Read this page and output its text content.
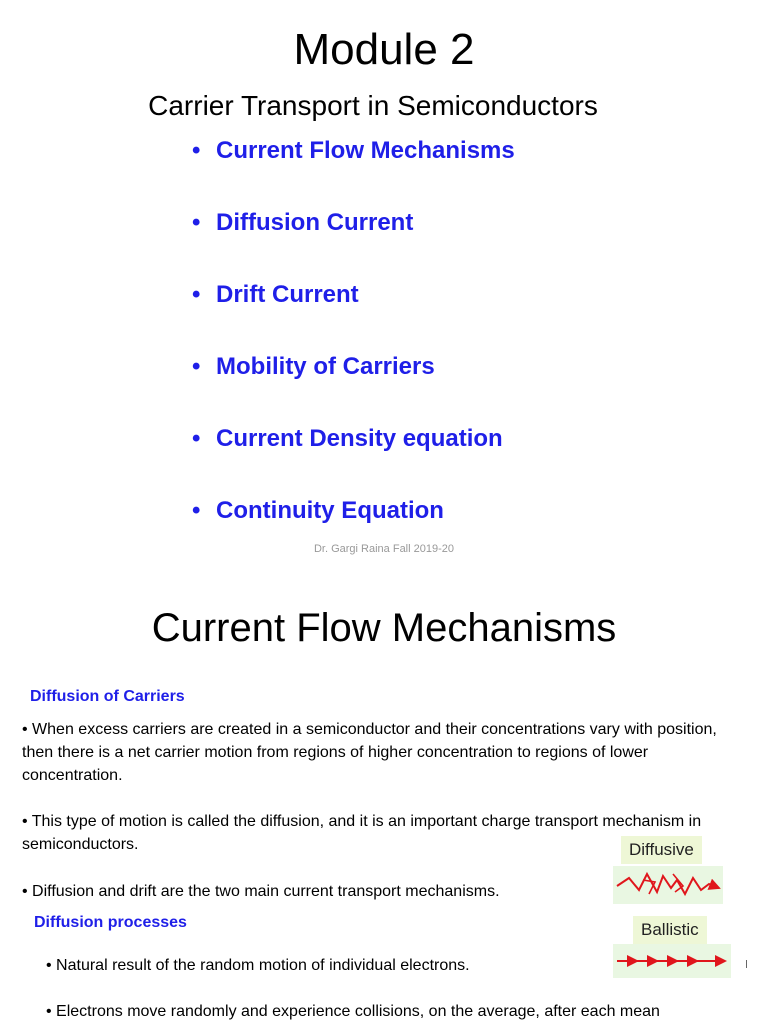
Module 2
Carrier Transport in Semiconductors
• Current Flow Mechanisms
• Diffusion Current
• Drift Current
• Mobility of Carriers
• Current Density equation
• Continuity Equation
Dr. Gargi Raina Fall 2019-20
Current Flow Mechanisms
Diffusion of Carriers
• When excess carriers are created in a semiconductor and their concentrations vary with position, then there is a net carrier motion from regions of higher concentration to regions of lower concentration.
• This type of motion is called the diffusion, and it is an important charge transport mechanism in semiconductors.
• Diffusion and drift are the two main current transport mechanisms.
Diffusion processes
• Natural result of the random motion of individual electrons.
• Electrons move randomly and experience collisions, on the average, after each mean
Diffusive
Ballistic
